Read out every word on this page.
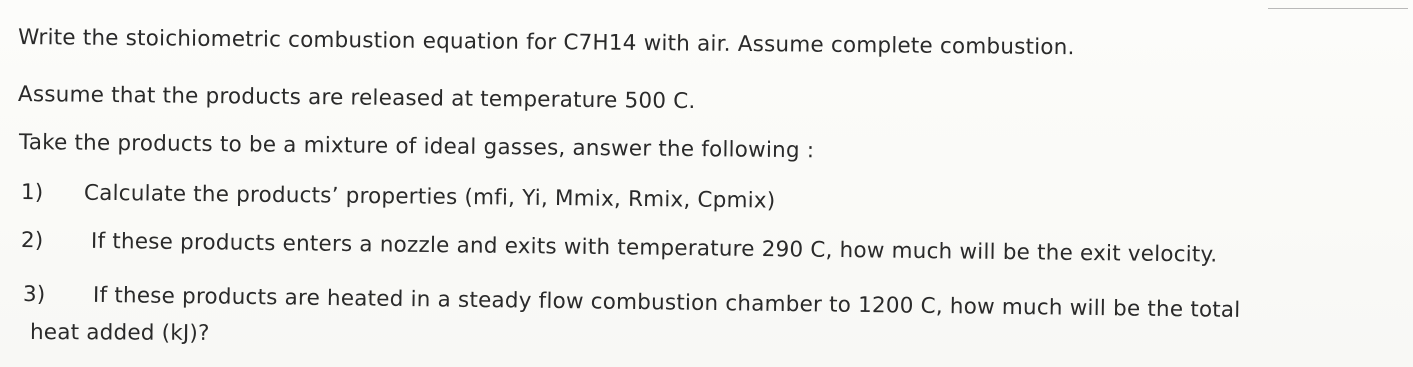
Write the stoichiometric combustion equation for C7H14 with air. Assume complete combustion.
Assume that the products are released at temperature 500 C.
Take the products to be a mixture of ideal gasses, answer the following :
1) Calculate the products’ properties (mfi, Yi, Mmix, Rmix, Cpmix)
2) If these products enters a nozzle and exits with temperature 290 C, how much will be the exit velocity.
3) If these products are heated in a steady flow combustion chamber to 1200 C, how much will be the total
heat added (kJ)?
